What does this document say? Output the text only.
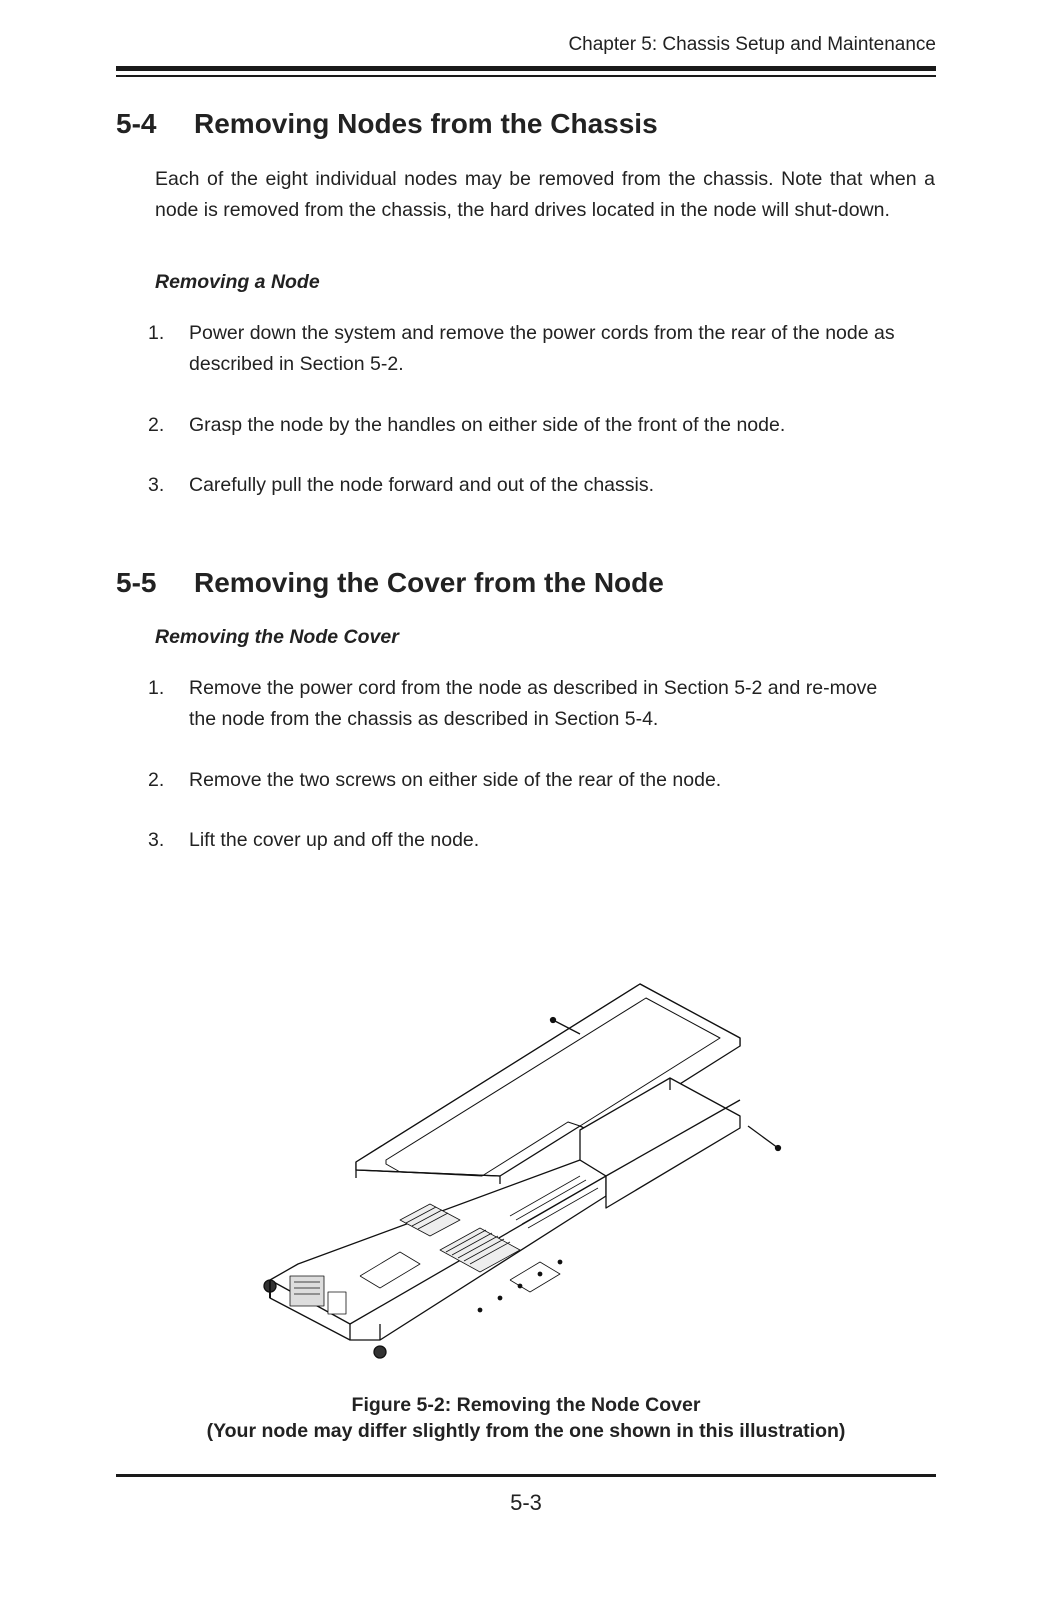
Chapter 5: Chassis Setup and Maintenance
5-4 Removing Nodes from the Chassis

Each of the eight individual nodes may be removed from the chassis. Note that when a node is removed from the chassis, the hard drives located in the node will shut-down.

Removing a Node

1.	Power down the system and remove the power cords from the rear of the node as described in Section 5-2.
2.	Grasp the node by the handles on either side of the front of the node.
3.	Carefully pull the node forward and out of the chassis.
5-5 Removing the Cover from the Node

Removing the Node Cover

1.	Remove the power cord from the node as described in Section 5-2 and re-move the node from the chassis as described in Section 5-4.
2.	Remove the two screws on either side of the rear of the node.
3.	Lift the cover up and off the node.
Figure 5-2: Removing the Node Cover
(Your node may differ slightly from the one shown in this illustration)
5-3
